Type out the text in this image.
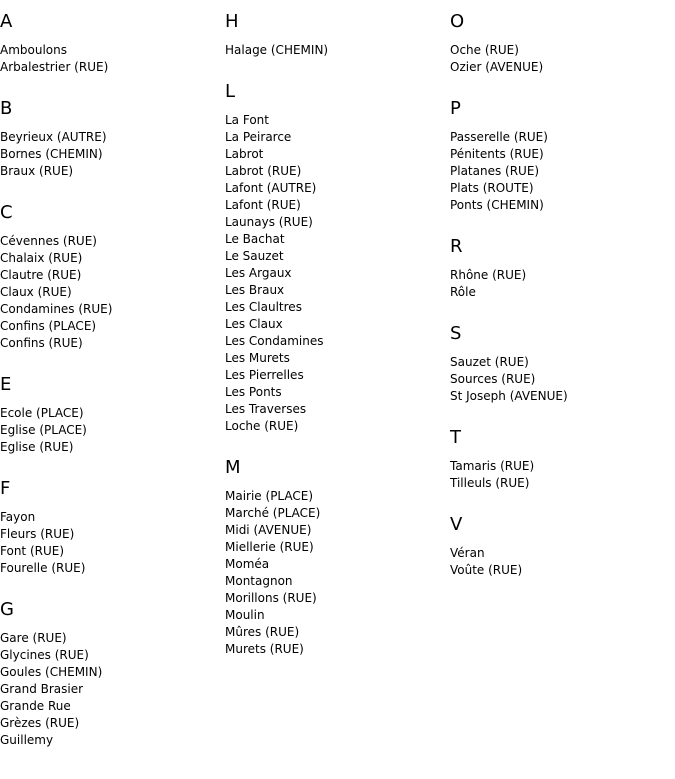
A
Amboulons
Arbalestrier (RUE)
B
Beyrieux (AUTRE)
Bornes (CHEMIN)
Braux (RUE)
C
Cévennes (RUE)
Chalaix (RUE)
Clautre (RUE)
Claux (RUE)
Condamines (RUE)
Confins (PLACE)
Confins (RUE)
E
Ecole (PLACE)
Eglise (PLACE)
Eglise (RUE)
F
Fayon
Fleurs (RUE)
Font (RUE)
Fourelle (RUE)
G
Gare (RUE)
Glycines (RUE)
Goules (CHEMIN)
Grand Brasier
Grande Rue
Grèzes (RUE)
Guillemy
H
Halage (CHEMIN)
L
La Font
La Peirarce
Labrot
Labrot (RUE)
Lafont (AUTRE)
Lafont (RUE)
Launays (RUE)
Le Bachat
Le Sauzet
Les Argaux
Les Braux
Les Claultres
Les Claux
Les Condamines
Les Murets
Les Pierrelles
Les Ponts
Les Traverses
Loche (RUE)
M
Mairie (PLACE)
Marché (PLACE)
Midi (AVENUE)
Miellerie (RUE)
Moméa
Montagnon
Morillons (RUE)
Moulin
Mûres (RUE)
Murets (RUE)
O
Oche (RUE)
Ozier (AVENUE)
P
Passerelle (RUE)
Pénitents (RUE)
Platanes (RUE)
Plats (ROUTE)
Ponts (CHEMIN)
R
Rhône (RUE)
Rôle
S
Sauzet (RUE)
Sources (RUE)
St Joseph (AVENUE)
T
Tamaris (RUE)
Tilleuls (RUE)
V
Véran
Voûte (RUE)
